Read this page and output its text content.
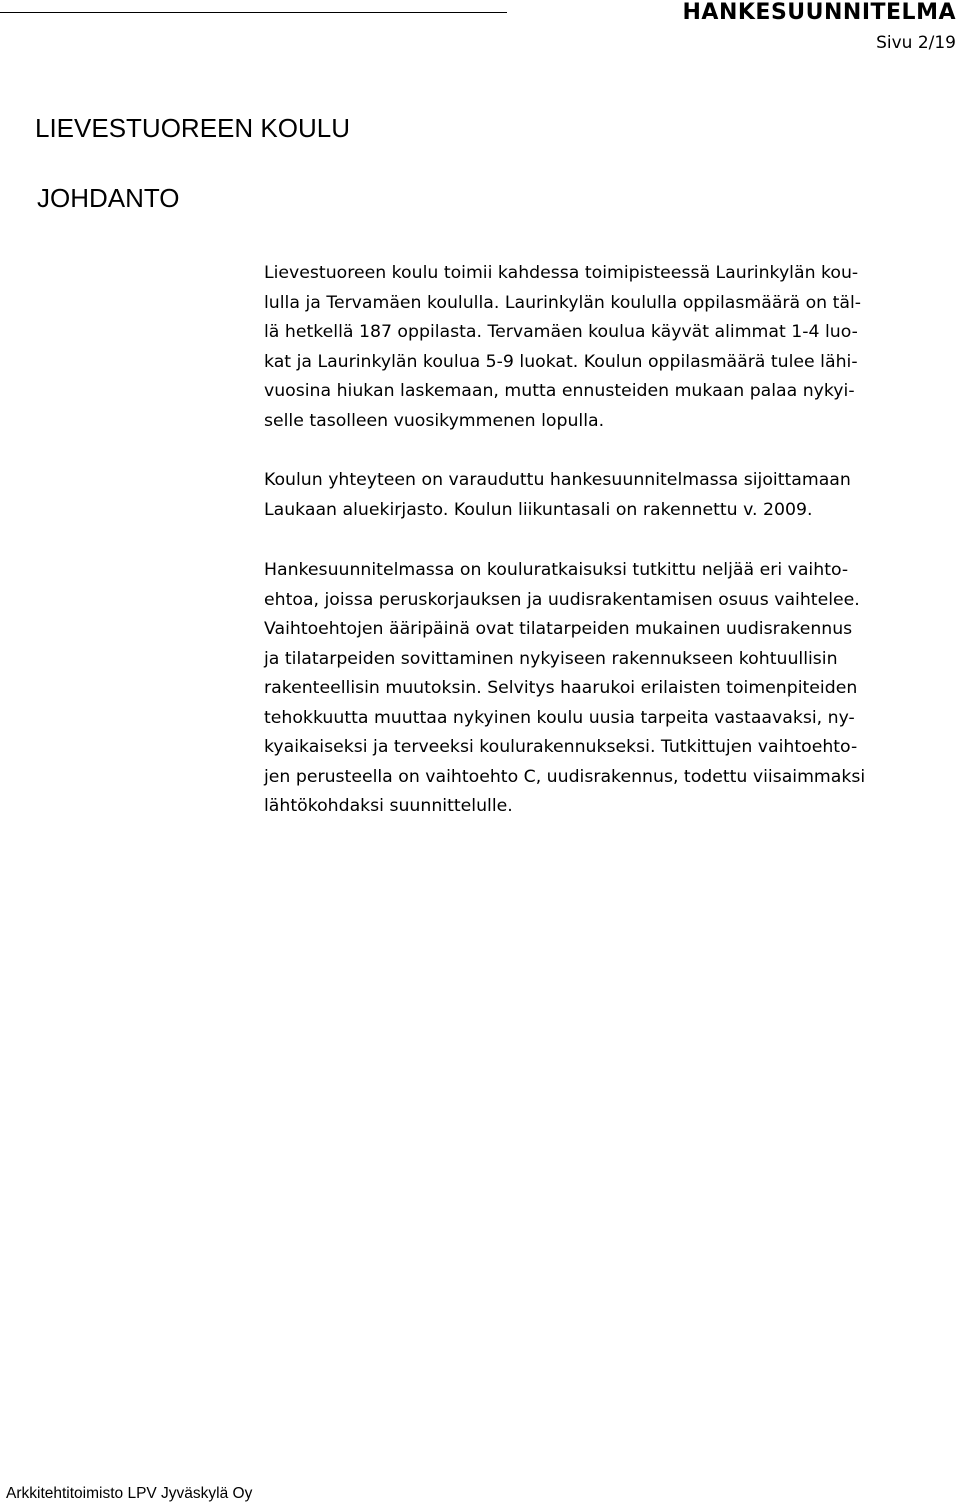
HANKESUUNNITELMA
Sivu 2/19
LIEVESTUOREEN KOULU
JOHDANTO
Lievestuoreen koulu toimii kahdessa toimipisteessä Laurinkylän kou-
lulla ja Tervamäen koululla. Laurinkylän koululla oppilasmäärä on täl-
lä hetkellä 187 oppilasta. Tervamäen koulua käyvät alimmat 1-4 luo-
kat ja Laurinkylän koulua 5-9 luokat. Koulun oppilasmäärä tulee lähi-
vuosina hiukan laskemaan, mutta ennusteiden mukaan palaa nykyi-
selle tasolleen vuosikymmenen lopulla.
Koulun yhteyteen on varauduttu hankesuunnitelmassa sijoittamaan
Laukaan aluekirjasto. Koulun liikuntasali on rakennettu v. 2009.
Hankesuunnitelmassa on kouluratkaisuksi tutkittu neljää eri vaihto-
ehtoa, joissa peruskorjauksen ja uudisrakentamisen osuus vaihtelee.
Vaihtoehtojen ääripäinä ovat tilatarpeiden mukainen uudisrakennus
ja tilatarpeiden sovittaminen nykyiseen rakennukseen kohtuullisin
rakenteellisin muutoksin. Selvitys haarukoi erilaisten toimenpiteiden
tehokkuutta muuttaa nykyinen koulu uusia tarpeita vastaavaksi, ny-
kyaikaiseksi ja terveeksi koulurakennukseksi. Tutkittujen vaihtoehto-
jen perusteella on vaihtoehto C, uudisrakennus, todettu viisaimmaksi
lähtökohdaksi suunnittelulle.
Arkkitehtitoimisto LPV Jyväskylä Oy
